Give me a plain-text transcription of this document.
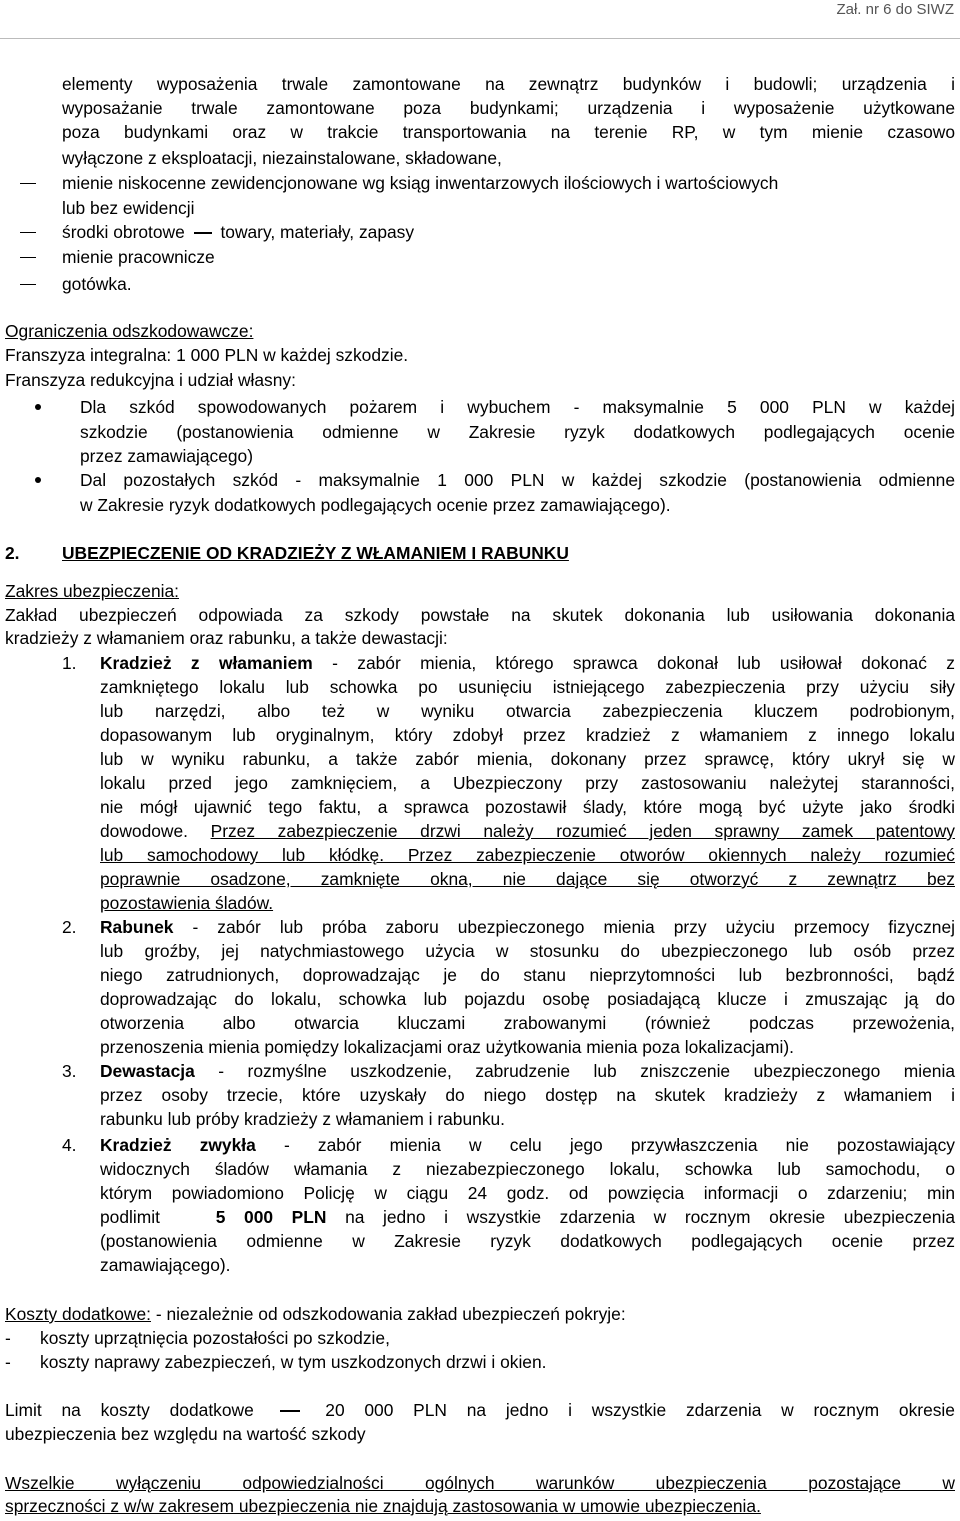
Zał. nr 6 do SIWZ
elementy wyposażenia trwale zamontowane na zewnątrz budynków i budowli; urządzenia i
wyposażanie trwale zamontowane poza budynkami; urządzenia i wyposażenie użytkowane
poza budynkami oraz w trakcie transportowania na terenie RP, w tym mienie czasowo
wyłączone z eksploatacji, niezainstalowane, składowane,
mienie niskocenne zewidencjonowane wg ksiąg inwentarzowych ilościowych i wartościowych
lub bez ewidencji
środki obrotowe towary, materiały, zapasy
mienie pracownicze
gotówka.
Ograniczenia odszkodowawcze:
Franszyza integralna: 1 000 PLN w każdej szkodzie.
Franszyza redukcyjna i udział własny:
Dla szkód spowodowanych pożarem i wybuchem - maksymalnie 5 000 PLN w każdej
szkodzie (postanowienia odmienne w Zakresie ryzyk dodatkowych podlegających ocenie
przez zamawiającego)
Dal pozostałych szkód - maksymalnie 1 000 PLN w każdej szkodzie (postanowienia odmienne
w Zakresie ryzyk dodatkowych podlegających ocenie przez zamawiającego).
2. UBEZPIECZENIE OD KRADZIEŻY Z WŁAMANIEM I RABUNKU
Zakres ubezpieczenia:
Zakład ubezpieczeń odpowiada za szkody powstałe na skutek dokonania lub usiłowania dokonania
kradzieży z włamaniem oraz rabunku, a także dewastacji:
1. Kradzież z włamaniem - zabór mienia, którego sprawca dokonał lub usiłował dokonać z
zamkniętego lokalu lub schowka po usunięciu istniejącego zabezpieczenia przy użyciu siły
lub narzędzi, albo też w wyniku otwarcia zabezpieczenia kluczem podrobionym,
dopasowanym lub oryginalnym, który zdobył przez kradzież z włamaniem z innego lokalu
lub w wyniku rabunku, a także zabór mienia, dokonany przez sprawcę, który ukrył się w
lokalu przed jego zamknięciem, a Ubezpieczony przy zastosowaniu należytej staranności,
nie mógł ujawnić tego faktu, a sprawca pozostawił ślady, które mogą być użyte jako środki
dowodowe. Przez zabezpieczenie drzwi należy rozumieć jeden sprawny zamek patentowy
lub samochodowy lub kłódkę. Przez zabezpieczenie otworów okiennych należy rozumieć
poprawnie osadzone, zamknięte okna, nie dające się otworzyć z zewnątrz bez
pozostawienia śladów.
2. Rabunek - zabór lub próba zaboru ubezpieczonego mienia przy użyciu przemocy fizycznej
lub groźby, jej natychmiastowego użycia w stosunku do ubezpieczonego lub osób przez
niego zatrudnionych, doprowadzając je do stanu nieprzytomności lub bezbronności, bądź
doprowadzając do lokalu, schowka lub pojazdu osobę posiadającą klucze i zmuszając ją do
otworzenia albo otwarcia kluczami zrabowanymi (również podczas przewożenia,
przenoszenia mienia pomiędzy lokalizacjami oraz użytkowania mienia poza lokalizacjami).
3. Dewastacja - rozmyślne uszkodzenie, zabrudzenie lub zniszczenie ubezpieczonego mienia
przez osoby trzecie, które uzyskały do niego dostęp na skutek kradzieży z włamaniem i
rabunku lub próby kradzieży z włamaniem i rabunku.
4. Kradzież zwykła - zabór mienia w celu jego przywłaszczenia nie pozostawiający
widocznych śladów włamania z niezabezpieczonego lokalu, schowka lub samochodu, o
którym powiadomiono Policję w ciągu 24 godz. od powzięcia informacji o zdarzeniu; min
podlimit	5 000 PLN na jedno i wszystkie zdarzenia w rocznym okresie ubezpieczenia
(postanowienia odmienne w Zakresie ryzyk dodatkowych podlegających ocenie przez
zamawiającego).
Koszty dodatkowe: - niezależnie od odszkodowania zakład ubezpieczeń pokryje:
- koszty uprzątnięcia pozostałości po szkodzie,
- koszty naprawy zabezpieczeń, w tym uszkodzonych drzwi i okien.
Limit na koszty dodatkowe	20 000 PLN na jedno i wszystkie zdarzenia w rocznym okresie
ubezpieczenia bez względu na wartość szkody
Wszelkie wyłączeniu odpowiedzialności ogólnych warunków ubezpieczenia pozostające w
sprzeczności z w/w zakresem ubezpieczenia nie znajdują zastosowania w umowie ubezpieczenia.
